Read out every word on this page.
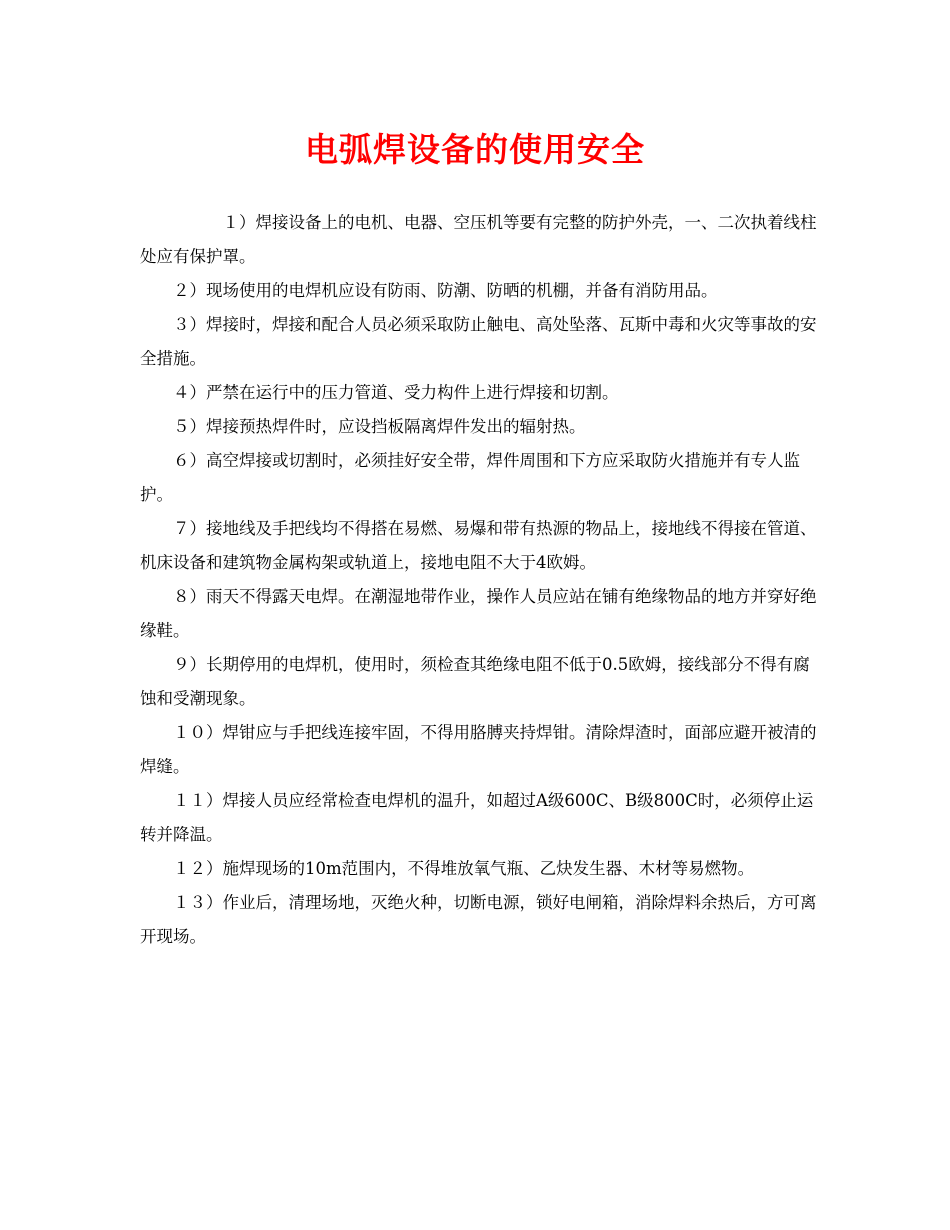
电弧焊设备的使用安全

１）焊接设备上的电机、电器、空压机等要有完整的防护外壳，一、二次执着线柱处应有保护罩。

２）现场使用的电焊机应设有防雨、防潮、防晒的机棚，并备有消防用品。

３）焊接时，焊接和配合人员必须采取防止触电、高处坠落、瓦斯中毒和火灾等事故的安全措施。

４）严禁在运行中的压力管道、受力构件上进行焊接和切割。

５）焊接预热焊件时，应设挡板隔离焊件发出的辐射热。

６）高空焊接或切割时，必须挂好安全带，焊件周围和下方应采取防火措施并有专人监护。

７）接地线及手把线均不得搭在易燃、易爆和带有热源的物品上，接地线不得接在管道、机床设备和建筑物金属构架或轨道上，接地电阻不大于4欧姆。

８）雨天不得露天电焊。在潮湿地带作业，操作人员应站在铺有绝缘物品的地方并穿好绝缘鞋。

９）长期停用的电焊机，使用时，须检查其绝缘电阻不低于0.5欧姆，接线部分不得有腐蚀和受潮现象。

１０）焊钳应与手把线连接牢固，不得用胳膊夹持焊钳。清除焊渣时，面部应避开被清的焊缝。

１１）焊接人员应经常检查电焊机的温升，如超过A级600C、B级800C时，必须停止运转并降温。

１２）施焊现场的10m范围内，不得堆放氧气瓶、乙炔发生器、木材等易燃物。

１３）作业后，清理场地，灭绝火种，切断电源，锁好电闸箱，消除焊料余热后，方可离开现场。
